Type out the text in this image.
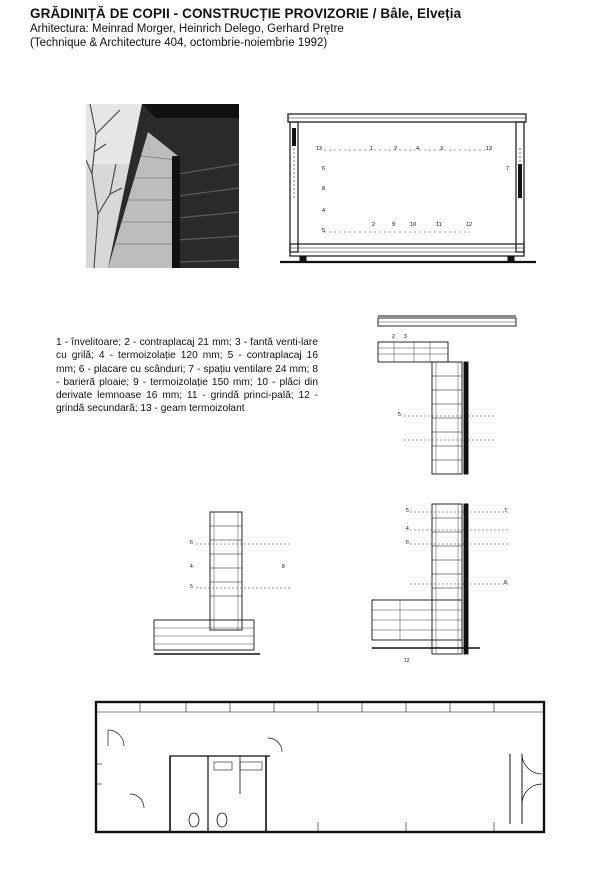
GRĂDINIȚĂ DE COPII - CONSTRUCȚIE PROVIZORIE / Bâle, Elveția
Arhitectura: Meinrad Morger, Heinrich Delego, Gerhard Prętre
(Technique & Architecture 404, octombrie-noiembrie 1992)
13	1	2	4	3	13
7
6
8
4
5
2	9	10	11	12
1 - învelitoare; 2 - contraplacaj 21 mm; 3 - fantă venti-lare cu grilă; 4 - termoizolație 120 mm; 5 - contraplacaj 16 mm; 6 - placare cu scânduri; 7 - spațiu ventilare 24 mm; 8 - barieră ploaie; 9 - termoizolație 150 mm; 10 - plăci din derivate lemnoase 16 mm; 11 - grindă princi-pală; 12 - grindă secundară; 13 - geam termoizolant
2 3
5
6
4
5
8
5
4
6
7
8
12
